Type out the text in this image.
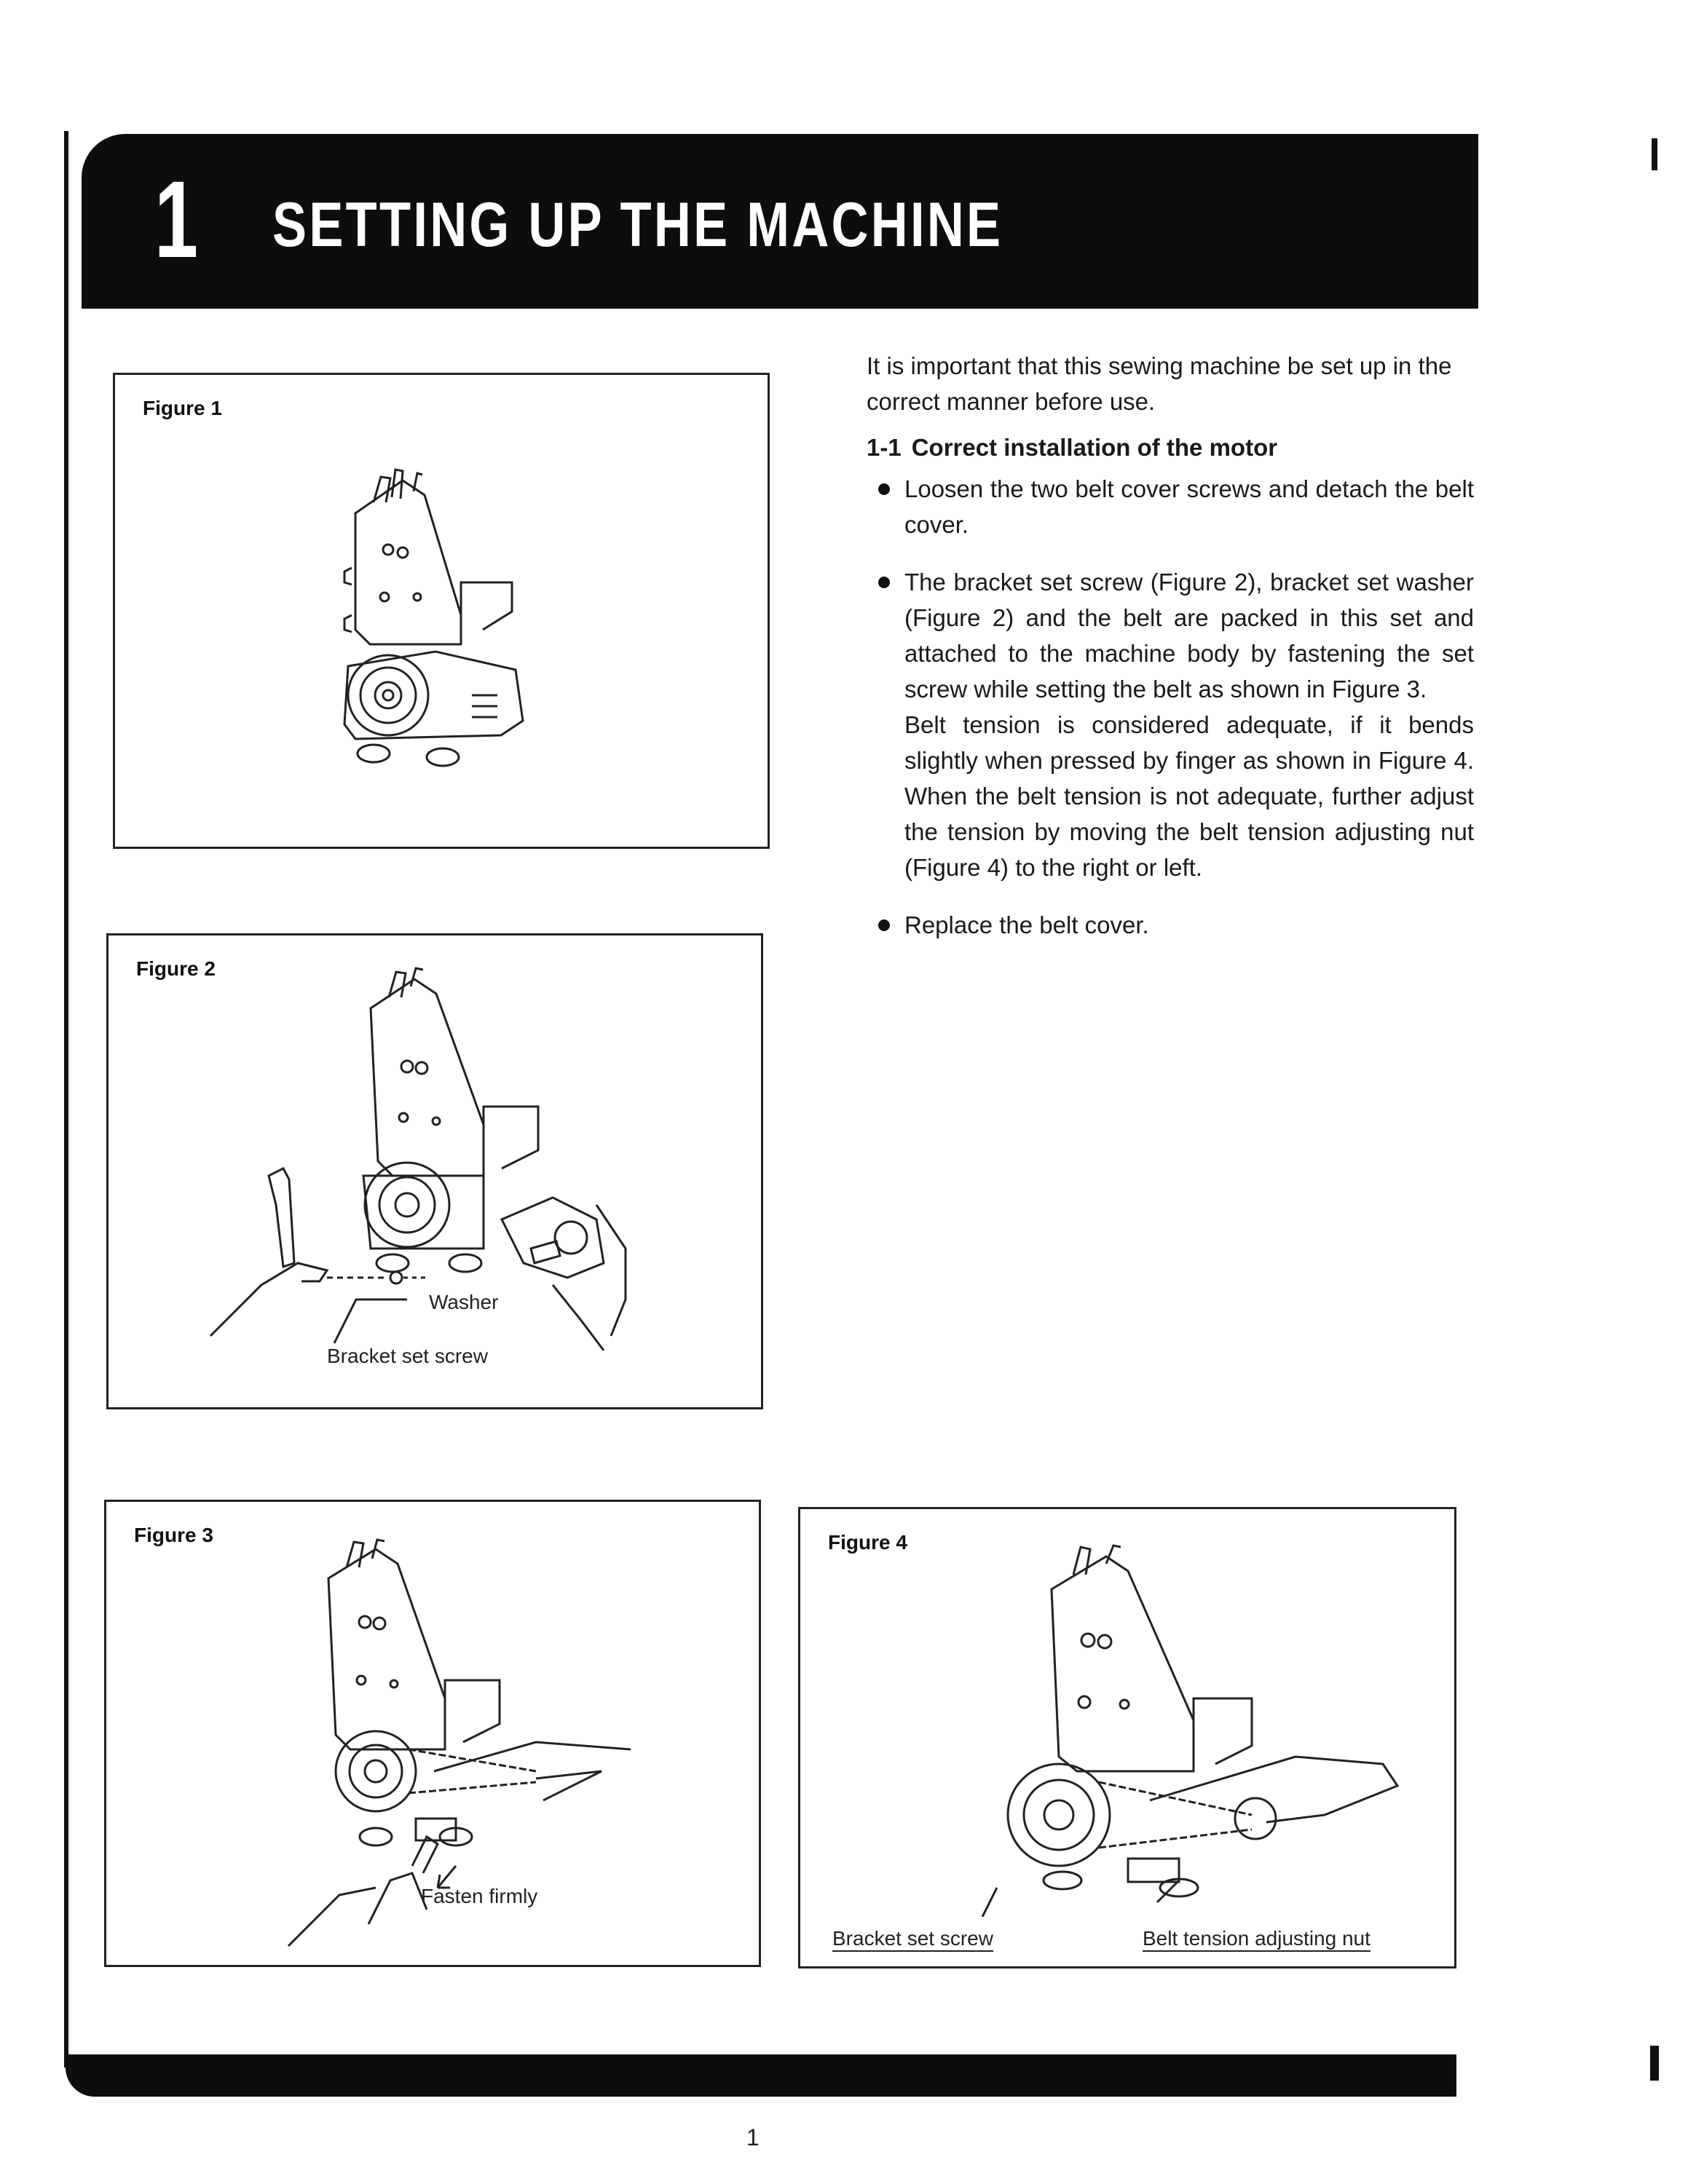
1 SETTING UP THE MACHINE
Figure 1
Figure 2
Washer
Bracket set screw
Figure 3
Fasten firmly
Figure 4
Bracket set screw	Belt tension adjusting nut

It is important that this sewing machine be set up in the correct manner before use.

1-1 Correct installation of the motor
Loosen the two belt cover screws and detach the belt cover.
The bracket set screw (Figure 2), bracket set washer (Figure 2) and the belt are packed in this set and attached to the machine body by fastening the set screw while setting the belt as shown in Figure 3.
Belt tension is considered adequate, if it bends slightly when pressed by finger as shown in Figure 4. When the belt tension is not adequate, further adjust the tension by moving the belt tension adjusting nut (Figure 4) to the right or left.
Replace the belt cover.
1
